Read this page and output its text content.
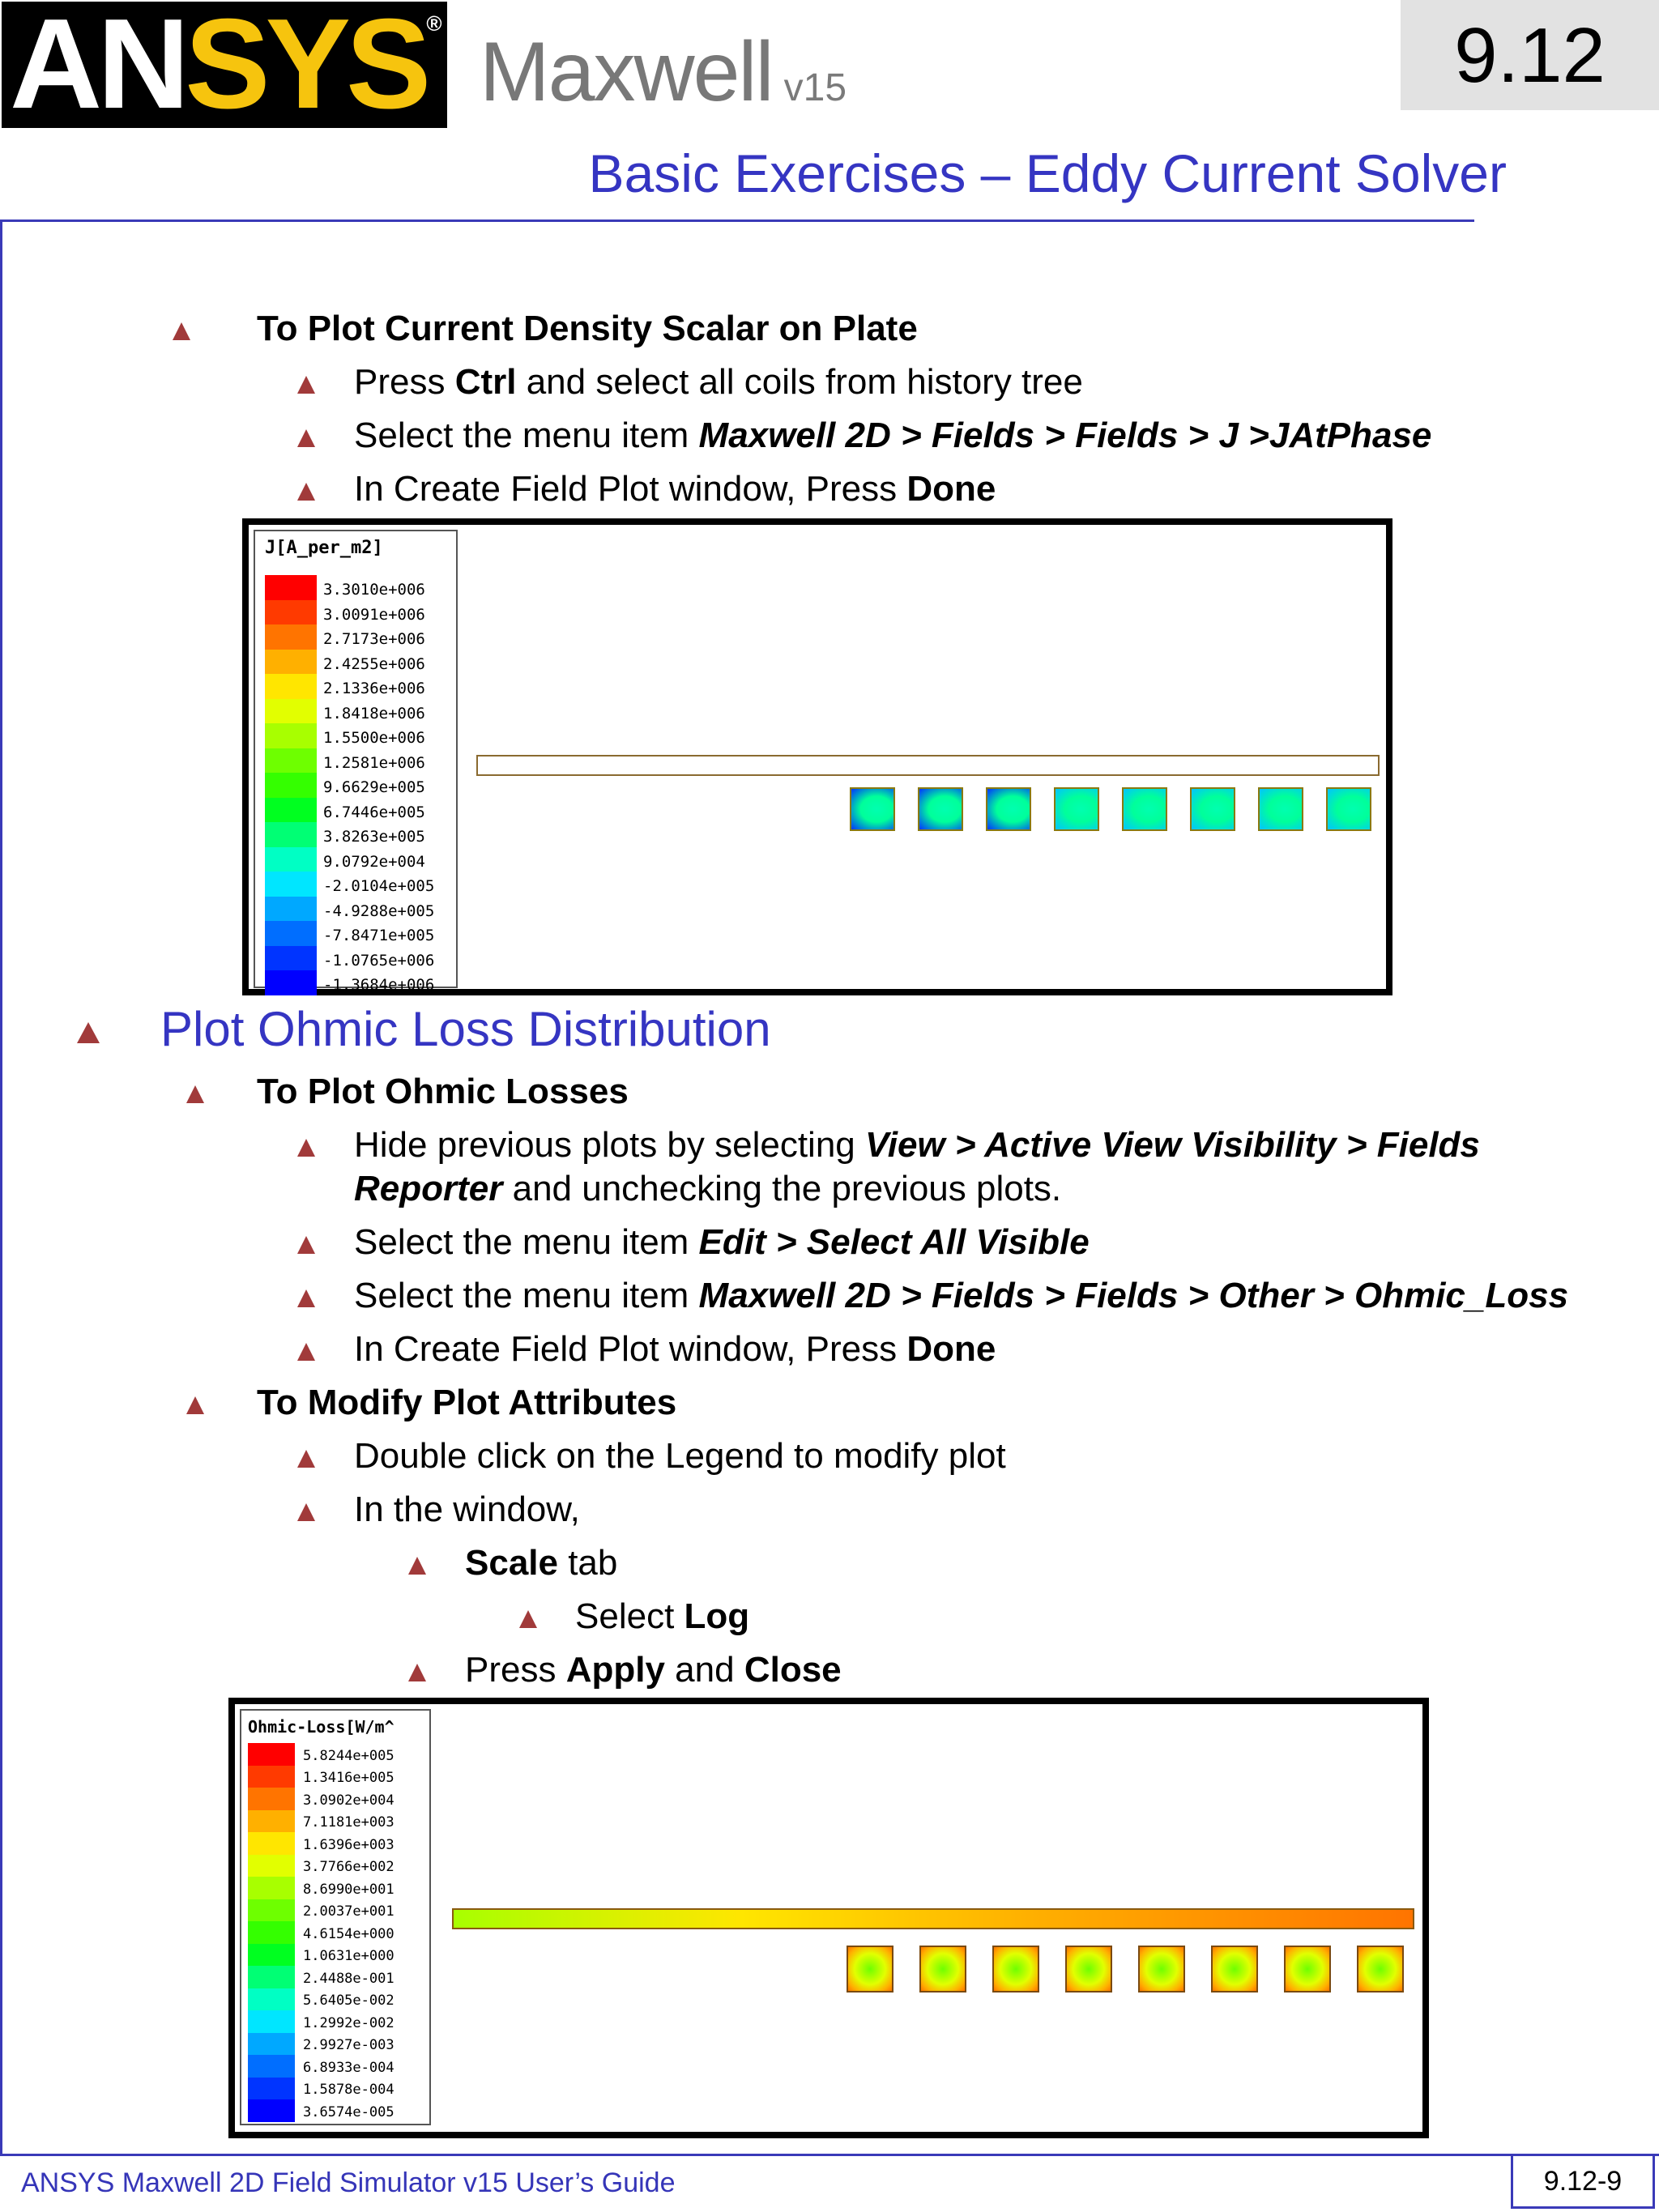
ANSYS®
Maxwell v15	9.12
Basic Exercises – Eddy Current Solver
To Plot Current Density Scalar on Plate
Press Ctrl and select all coils from history tree
Select the menu item Maxwell 2D > Fields > Fields > J >JAtPhase
In Create Field Plot window, Press Done
J[A_per_m2]
3.3010e+006
3.0091e+006
2.7173e+006
2.4255e+006
2.1336e+006
1.8418e+006
1.5500e+006
1.2581e+006
9.6629e+005
6.7446e+005
3.8263e+005
9.0792e+004
-2.0104e+005
-4.9288e+005
-7.8471e+005
-1.0765e+006
-1.3684e+006
Plot Ohmic Loss Distribution
To Plot Ohmic Losses
Hide previous plots by selecting View > Active View Visibility > Fields
Reporter and unchecking the previous plots.
Select the menu item Edit > Select All Visible
Select the menu item Maxwell 2D > Fields > Fields > Other > Ohmic_Loss
In Create Field Plot window, Press Done
To Modify Plot Attributes
Double click on the Legend to modify plot
In the window,
Scale tab
Select Log
Press Apply and Close
Ohmic-Loss[W/m^
5.8244e+005
1.3416e+005
3.0902e+004
7.1181e+003
1.6396e+003
3.7766e+002
8.6990e+001
2.0037e+001
4.6154e+000
1.0631e+000
2.4488e-001
5.6405e-002
1.2992e-002
2.9927e-003
6.8933e-004
1.5878e-004
3.6574e-005
ANSYS Maxwell 2D Field Simulator v15 User’s Guide	9.12-9
